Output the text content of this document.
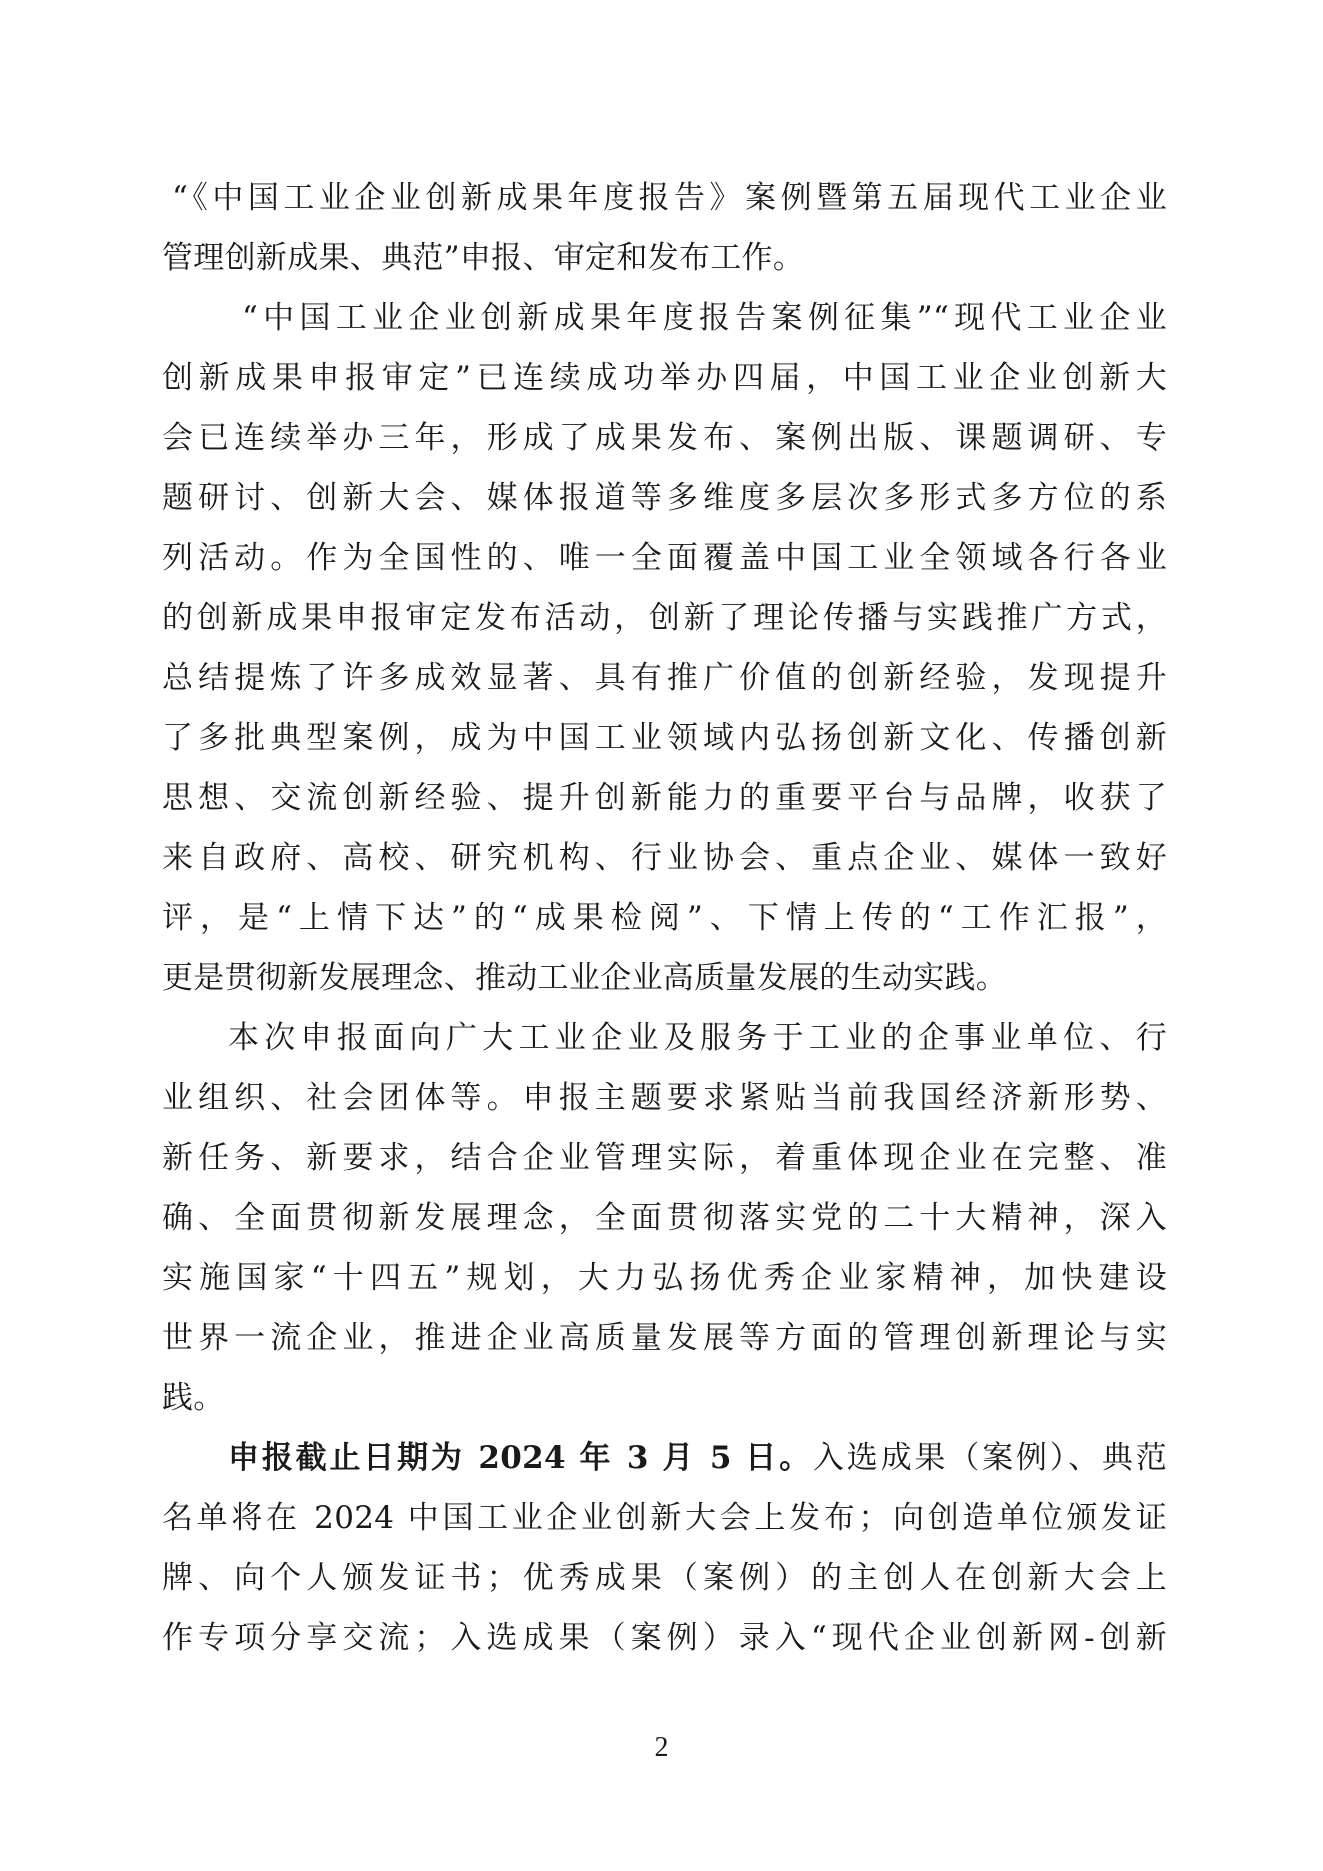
“《中国工业企业创新成果年度报告》案例暨第五届现代工业企业
管理创新成果、典范”申报、审定和发布工作。
“中国工业企业创新成果年度报告案例征集”“现代工业企业
创新成果申报审定”已连续成功举办四届，中国工业企业创新大
会已连续举办三年，形成了成果发布、案例出版、课题调研、专
题研讨、创新大会、媒体报道等多维度多层次多形式多方位的系
列活动。作为全国性的、唯一全面覆盖中国工业全领域各行各业
的创新成果申报审定发布活动，创新了理论传播与实践推广方式，
总结提炼了许多成效显著、具有推广价值的创新经验，发现提升
了多批典型案例，成为中国工业领域内弘扬创新文化、传播创新
思想、交流创新经验、提升创新能力的重要平台与品牌，收获了
来自政府、高校、研究机构、行业协会、重点企业、媒体一致好
评，是“上情下达”的“成果检阅”、下情上传的“工作汇报”，
更是贯彻新发展理念、推动工业企业高质量发展的生动实践。
本次申报面向广大工业企业及服务于工业的企事业单位、行
业组织、社会团体等。申报主题要求紧贴当前我国经济新形势、
新任务、新要求，结合企业管理实际，着重体现企业在完整、准
确、全面贯彻新发展理念，全面贯彻落实党的二十大精神，深入
实施国家“十四五”规划，大力弘扬优秀企业家精神，加快建设
世界一流企业，推进企业高质量发展等方面的管理创新理论与实
践。
申报截止日期为 2024 年 3 月 5 日。入选成果（案例）、典范
名单将在 2024 中国工业企业创新大会上发布；向创造单位颁发证
牌、向个人颁发证书；优秀成果（案例）的主创人在创新大会上
作专项分享交流；入选成果（案例）录入“现代企业创新网-创新
2
